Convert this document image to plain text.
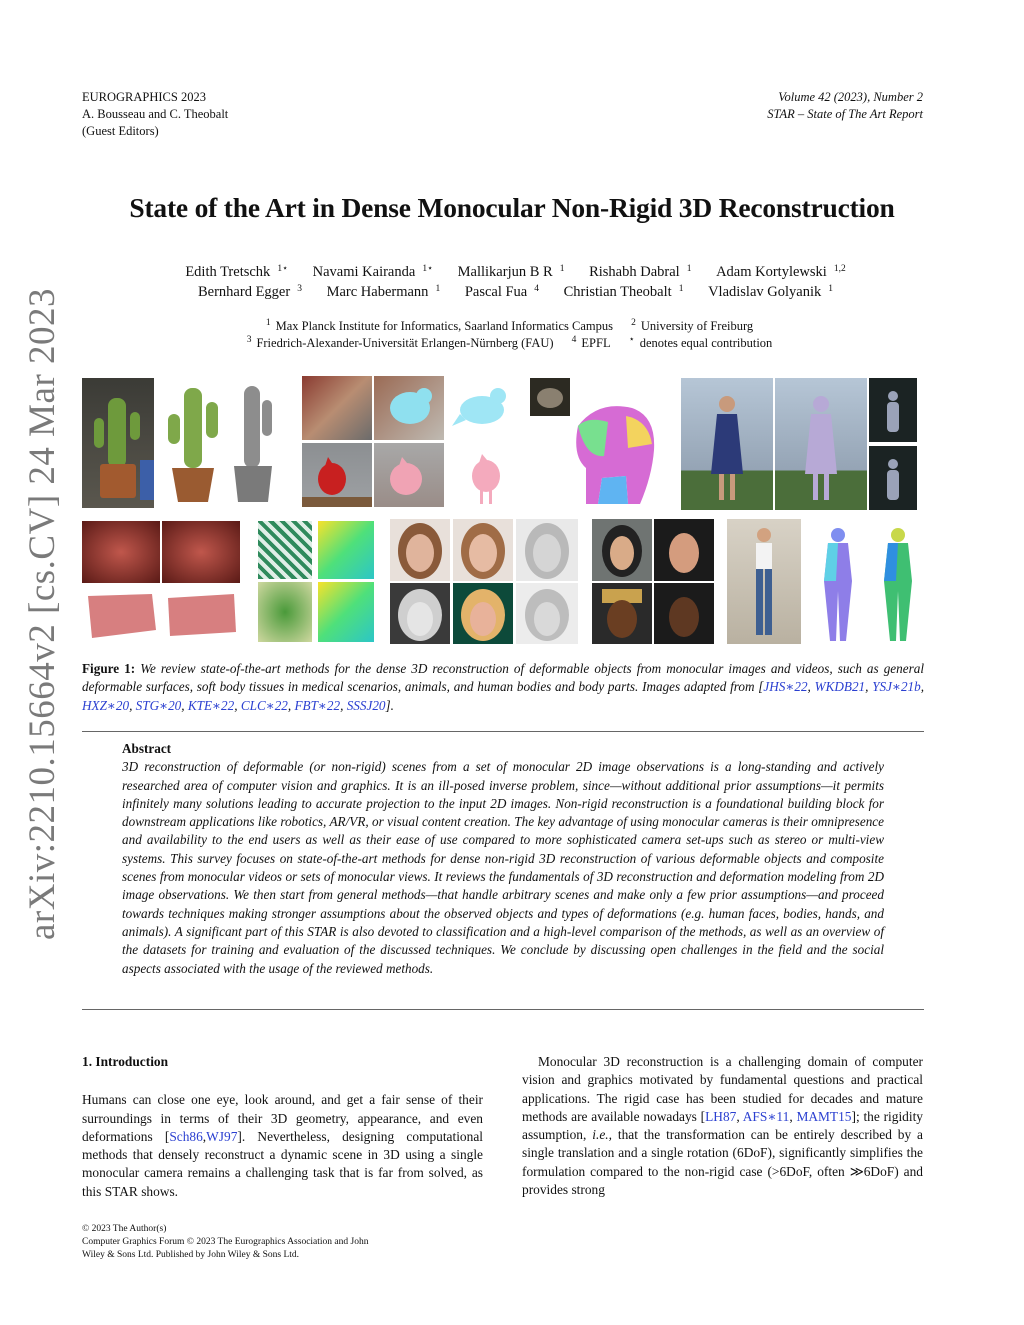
EUROGRAPHICS 2023
A. Bousseau and C. Theobalt
(Guest Editors)
Volume 42 (2023), Number 2
STAR – State of The Art Report
arXiv:2210.15664v2 [cs.CV] 24 Mar 2023
State of the Art in Dense Monocular Non-Rigid 3D Reconstruction
Edith Tretschk $^{1⋆}$ Navami Kairanda $^{1⋆}$ Mallikarjun B R $^1$ Rishabh Dabral $^1$ Adam Kortylewski $^{1,2}$
Bernhard Egger $^3$ Marc Habermann $^1$ Pascal Fua $^4$ Christian Theobalt $^1$ Vladislav Golyanik $^1$
$^1$ Max Planck Institute for Informatics, Saarland Informatics Campus $^2$ University of Freiburg
$^3$ Friedrich-Alexander-Universität Erlangen-Nürnberg (FAU) $^4$ EPFL ⋆ denotes equal contribution
Figure 1: We review state-of-the-art methods for the dense 3D reconstruction of deformable objects from monocular images and videos, such as general deformable surfaces, soft body tissues in medical scenarios, animals, and human bodies and body parts. Images adapted from [JHS∗22, WKDB21, YSJ∗21b, HXZ∗20, STG∗20, KTE∗22, CLC∗22, FBT∗22, SSSJ20].
Abstract
3D reconstruction of deformable (or non-rigid) scenes from a set of monocular 2D image observations is a long-standing and actively researched area of computer vision and graphics. It is an ill-posed inverse problem, since—without additional prior assumptions—it permits infinitely many solutions leading to accurate projection to the input 2D images. Non-rigid reconstruction is a foundational building block for downstream applications like robotics, AR/VR, or visual content creation. The key advantage of using monocular cameras is their omnipresence and availability to the end users as well as their ease of use compared to more sophisticated camera set-ups such as stereo or multi-view systems. This survey focuses on state-of-the-art methods for dense non-rigid 3D reconstruction of various deformable objects and composite scenes from monocular videos or sets of monocular views. It reviews the fundamentals of 3D reconstruction and deformation modeling from 2D image observations. We then start from general methods—that handle arbitrary scenes and make only a few prior assumptions—and proceed towards techniques making stronger assumptions about the observed objects and types of deformations (e.g. human faces, bodies, hands, and animals). A significant part of this STAR is also devoted to classification and a high-level comparison of the methods, as well as an overview of the datasets for training and evaluation of the discussed techniques. We conclude by discussing open challenges in the field and the social aspects associated with the usage of the reviewed methods.
1. Introduction

Humans can close one eye, look around, and get a fair sense of their surroundings in terms of their 3D geometry, appearance, and even deformations [Sch86,WJ97]. Nevertheless, designing computational methods that densely reconstruct a dynamic scene in 3D using a single monocular camera remains a challenging task that is far from solved, as this STAR shows.

Monocular 3D reconstruction is a challenging domain of computer vision and graphics motivated by fundamental questions and practical applications. The rigid case has been studied for decades and mature methods are available nowadays [LH87, AFS∗11, MAMT15]; the rigidity assumption, i.e., that the transformation can be entirely described by a single translation and a single rotation (6DoF), significantly simplifies the formulation compared to the non-rigid case (>6DoF, often ≫6DoF) and provides strong

© 2023 The Author(s)
Computer Graphics Forum © 2023 The Eurographics Association and John
Wiley & Sons Ltd. Published by John Wiley & Sons Ltd.
